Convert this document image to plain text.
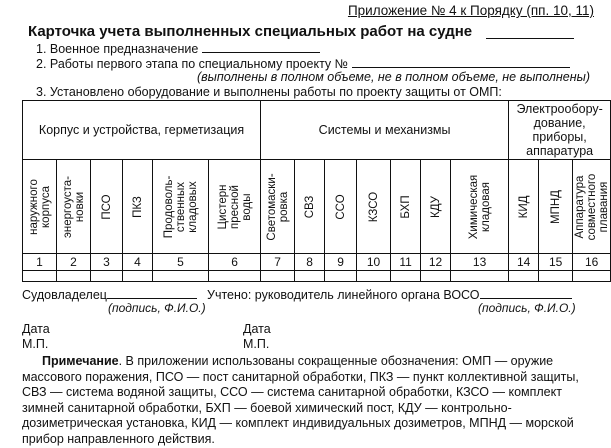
Приложение № 4 к Порядку (пп. 10, 11)
Карточка учета выполненных специальных работ на судне
1. Военное предназначение
2. Работы первого этапа по специальному проекту №
(выполнены в полном объеме, не в полном объеме, не выполнены)
3. Установлено оборудование и выполнены работы по проекту защиты от ОМП:
Корпус и устройства, герметизация						Системы и механизмы							Электрообору-
дование,
приборы,
аппаратура		

наружного корпуса	энергоуста- новки	ПСО	ПКЗ	Продоволь- ственных кладовых	Цистерн пресной воды	Светомаски- ровка	СВЗ	ССО	КЗСО	БХП	КДУ	Химическая кладовая	КИД	МПНД	Аппаратура совместного плавания

1	2	3	4	5	6	7	8	9	10	11	12	13	14	15	16

Судовладелец
(подпись, Ф.И.О.)
Учтено: руководитель линейного органа ВОСО
(подпись, Ф.И.О.)
Дата
М.П.
Дата
М.П.
Примечание. В приложении использованы сокращенные обозначения: ОМП — оружие массового поражения, ПСО — пост санитарной обработки, ПКЗ — пункт коллективной защиты, СВЗ — система водяной защиты, ССО — система санитарной обработки, КЗСО — комплект зимней санитарной обработки, БХП — боевой химический пост, КДУ — контрольно-дозиметрическая установка, КИД — комплект индивидуальных дозиметров, МПНД — морской прибор направленного действия.
